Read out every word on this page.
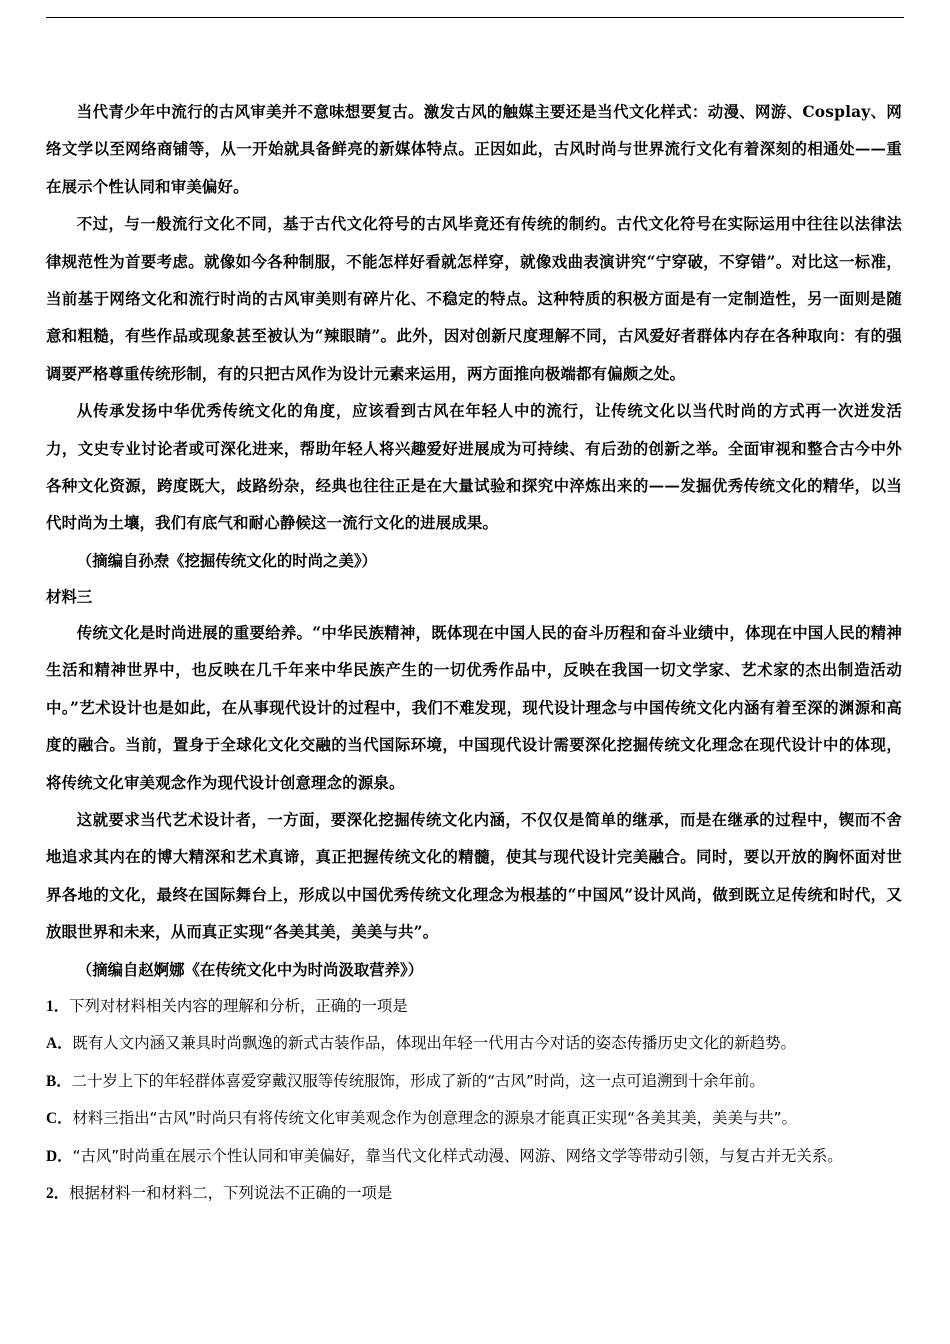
当代青少年中流行的古风审美并不意味想要复古。激发古风的触媒主要还是当代文化样式：动漫、网游、Cosplay、网络文学以至网络商铺等，从一开始就具备鲜亮的新媒体特点。正因如此，古风时尚与世界流行文化有着深刻的相通处——重在展示个性认同和审美偏好。

不过，与一般流行文化不同，基于古代文化符号的古风毕竟还有传统的制约。古代文化符号在实际运用中往往以法律法律规范性为首要考虑。就像如今各种制服，不能怎样好看就怎样穿，就像戏曲表演讲究“宁穿破，不穿错”。对比这一标准，当前基于网络文化和流行时尚的古风审美则有碎片化、不稳定的特点。这种特质的积极方面是有一定制造性，另一面则是随意和粗糙，有些作品或现象甚至被认为“辣眼睛”。此外，因对创新尺度理解不同，古风爱好者群体内存在各种取向：有的强调要严格尊重传统形制，有的只把古风作为设计元素来运用，两方面推向极端都有偏颇之处。

从传承发扬中华优秀传统文化的角度，应该看到古风在年轻人中的流行，让传统文化以当代时尚的方式再一次迸发活力，文史专业讨论者或可深化进来，帮助年轻人将兴趣爱好进展成为可持续、有后劲的创新之举。全面审视和整合古今中外各种文化资源，跨度既大，歧路纷杂，经典也往往正是在大量试验和探究中淬炼出来的——发掘优秀传统文化的精华，以当代时尚为土壤，我们有底气和耐心静候这一流行文化的进展成果。

（摘编自孙焘《挖掘传统文化的时尚之美》）

材料三

传统文化是时尚进展的重要给养。“中华民族精神，既体现在中国人民的奋斗历程和奋斗业绩中，体现在中国人民的精神生活和精神世界中，也反映在几千年来中华民族产生的一切优秀作品中，反映在我国一切文学家、艺术家的杰出制造活动中。”艺术设计也是如此，在从事现代设计的过程中，我们不难发现，现代设计理念与中国传统文化内涵有着至深的渊源和高度的融合。当前，置身于全球化文化交融的当代国际环境，中国现代设计需要深化挖掘传统文化理念在现代设计中的体现，将传统文化审美观念作为现代设计创意理念的源泉。

这就要求当代艺术设计者，一方面，要深化挖掘传统文化内涵，不仅仅是简单的继承，而是在继承的过程中，锲而不舍地追求其内在的博大精深和艺术真谛，真正把握传统文化的精髓，使其与现代设计完美融合。同时，要以开放的胸怀面对世界各地的文化，最终在国际舞台上，形成以中国优秀传统文化理念为根基的“中国风”设计风尚，做到既立足传统和时代，又放眼世界和未来，从而真正实现“各美其美，美美与共”。

（摘编自赵婀娜《在传统文化中为时尚汲取营养》）

1．下列对材料相关内容的理解和分析，正确的一项是

A．既有人文内涵又兼具时尚飘逸的新式古装作品，体现出年轻一代用古今对话的姿态传播历史文化的新趋势。

B．二十岁上下的年轻群体喜爱穿戴汉服等传统服饰，形成了新的“古风”时尚，这一点可追溯到十余年前。

C．材料三指出“古风”时尚只有将传统文化审美观念作为创意理念的源泉才能真正实现“各美其美，美美与共”。

D．“古风”时尚重在展示个性认同和审美偏好，靠当代文化样式动漫、网游、网络文学等带动引领，与复古并无关系。

2．根据材料一和材料二，下列说法不正确的一项是
